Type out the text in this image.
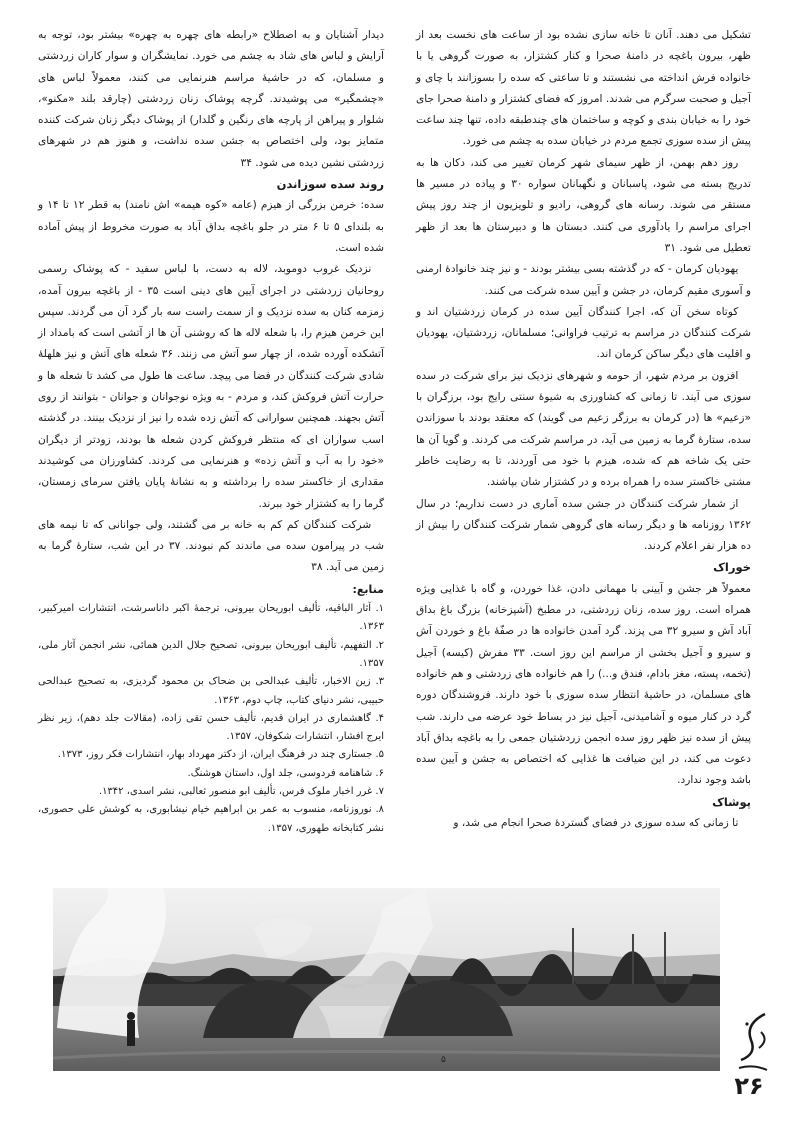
تشکیل می دهند. آنان تا خانه سازی نشده بود از ساعت های نخست بعد از ظهر، بیرون باغچه در دامنهٔ صحرا و کنار کشتزار، به صورت گروهی یا با خانواده فرش انداخته می نشستند و تا ساعتی که سده را بسوزانند با چای و آجیل و صحبت سرگرم می شدند. امروز که فضای کشتزار و دامنهٔ صحرا جای خود را به خیابان بندی و کوچه و ساختمان های چندطبقه داده، تنها چند ساعت پیش از سده سوزی تجمع مردم در خیابان سده به چشم می خورد.

روز دهم بهمن، از ظهر سیمای شهر کرمان تغییر می کند، دکان ها به تدریج بسته می شود، پاسبانان و نگهبانان سواره ۳۰ و پیاده در مسیر ها مستقر می شوند. رسانه های گروهی، رادیو و تلویزیون از چند روز پیش اجرای مراسم را یادآوری می کنند. دبستان ها و دبیرستان ها بعد از ظهر تعطیل می شود. ۳۱

یهودیان کرمان - که در گذشته بسی بیشتر بودند - و نیز چند خانوادهٔ ارمنی و آسوری مقیم کرمان، در جشن و آیین سده شرکت می کنند.

کوتاه سخن آن که، اجرا کنندگان آیین سده در کرمان زردشتیان اند و شرکت کنندگان در مراسم به ترتیب فراوانی؛ مسلمانان، زردشتیان، یهودیان و اقلیت های دیگر ساکن کرمان اند.

افزون بر مردم شهر، از حومه و شهرهای نزدیک نیز برای شرکت در سده سوزی می آیند. تا زمانی که کشاورزی به شیوهٔ سنتی رایج بود، برزگران با «زعیم» ها (در کرمان به برزگر زعیم می گویند) که معتقد بودند با سوزاندن سده، ستارهٔ گرما به زمین می آید، در مراسم شرکت می کردند. و گویا آن ها حتی یک شاخه هم که شده، هیزم با خود می آوردند، تا به رضایت خاطر مشتی خاکستر سده را همراه برده و در کشتزار شان بپاشند.

از شمار شرکت کنندگان در جشن سده آماری در دست نداریم؛ در سال ۱۳۶۲ روزنامه ها و دیگر رسانه های گروهی شمار شرکت کنندگان را بیش از ده هزار نفر اعلام کردند.

خوراک

معمولاً هر جشن و آیینی با مهمانی دادن، غذا خوردن، و گاه با غذایی ویژه همراه است. روز سده، زنان زردشتی، در مطبخ (آشپزخانه) بزرگ باغ بداق آباد آش و سیرو ۳۲ می پزند. گرد آمدن خانواده ها در صفّهٔ باغ و خوردن آش و سیرو و آجیل بخشی از مراسم این روز است. ۳۳ مفرش (کیسه) آجیل (تخمه، پسته، مغز بادام، فندق و...) را هم خانواده های زردشتی و هم خانواده های مسلمان، در حاشیهٔ انتظار سده سوزی با خود دارند. فروشندگان دوره گرد در کنار میوه و آشامیدنی، آجیل نیز در بساط خود عرضه می دارند. شب پیش از سده نیز ظهر روز سده انجمن زردشتیان جمعی را به باغچه بداق آباد دعوت می کند، در این ضیافت ها غذایی که اختصاص به جشن و آیین سده باشد وجود ندارد.

پوشاک

تا زمانی که سده سوزی در فضای گستردهٔ صحرا انجام می شد، و

دیدار آشنایان و به اصطلاح «رابطه های چهره به چهره» بیشتر بود، توجه به آرایش و لباس های شاد به چشم می خورد. نمایشگران و سوار کاران زردشتی و مسلمان، که در حاشیهٔ مراسم هنرنمایی می کنند، معمولاً لباس های «چشمگیر» می پوشیدند. گرچه پوشاک زنان زردشتی (چارقد بلند «مکنو»، شلوار و پیراهن از پارچه های رنگین و گلدار) از پوشاک دیگر زنان شرکت کننده متمایز بود، ولی اختصاص به جشن سده نداشت، و هنوز هم در شهرهای زردشتی نشین دیده می شود. ۳۴

روند سده سوزاندن

سده: خرمن بزرگی از هیزم (عامه «کوه هیمه» اش نامند) به قطر ۱۲ تا ۱۴ و به بلندای ۵ تا ۶ متر در جلو باغچه بداق آباد به صورت مخروط از پیش آماده شده است.

نزدیک غروب دوموبد، لاله به دست، با لباس سفید - که پوشاک رسمی روحانیان زردشتی در اجرای آیین های دینی است ۳۵ - از باغچه بیرون آمده، زمزمه کنان به سده نزدیک و از سمت راست سه بار گرد آن می گردند. سپس این خرمن هیزم را، با شعله لاله ها که روشنی آن ها از آتشی است که بامداد از آتشکده آورده شده، از چهار سو آتش می زنند. ۳۶ شعله های آتش و نیز هلهلهٔ شادی شرکت کنندگان در فضا می پیچد. ساعت ها طول می کشد تا شعله ها و حرارت آتش فروکش کند، و مردم - به ویژه نوجوانان و جوانان - بتوانند از روی آتش بجهند. همچنین سوارانی که آتش زده شده را نیز از نزدیک بینند. در گذشته اسب سواران ای که منتظر فروکش کردن شعله ها بودند، زودتر از دیگران «خود را به آب و آتش زده» و هنرنمایی می کردند. کشاورزان می کوشیدند مقداری از خاکستر سده را برداشته و به نشانهٔ پایان یافتن سرمای زمستان، گرما را به کشتزار خود ببرند.

شرکت کنندگان کم کم به خانه بر می گشتند، ولی جوانانی که تا نیمه های شب در پیرامون سده می ماندند کم نبودند. ۳۷ در این شب، ستارهٔ گرما به زمین می آید. ۳۸

منابع:
۱. آثار الباقیه، تألیف ابوریحان بیرونی، ترجمهٔ اکبر داناسرشت، انتشارات امیرکبیر، ۱۳۶۳.
۲. التفهیم، تألیف ابوریحان بیرونی، تصحیح جلال الدین همائی، نشر انجمن آثار ملی، ۱۳۵۷.
۳. زین الاخبار، تألیف عبدالحی بن ضحاک بن محمود گردیزی، به تصحیح عبدالحی حبیبی، نشر دنیای کتاب، چاپ دوم، ۱۳۶۳.
۴. گاهشماری در ایران قدیم، تألیف حسن تقی زاده، (مقالات جلد دهم)، زیر نظر ایرج افشار، انتشارات شکوفان، ۱۳۵۷.
۵. جستاری چند در فرهنگ ایران، از دکتر مهرداد بهار، انتشارات فکر روز، ۱۳۷۳.
۶. شاهنامه فردوسی، جلد اول، داستان هوشنگ.
۷. غرر اخبار ملوک فرس، تألیف ابو منصور ثعالبی، نشر اسدی، ۱۳۴۲.
۸. نوروزنامه، منسوب به عمر بن ابراهیم خیام نیشابوری، به کوشش علی حصوری، نشر کتابخانه طهوری، ۱۳۵۷.
۵
۲۶
